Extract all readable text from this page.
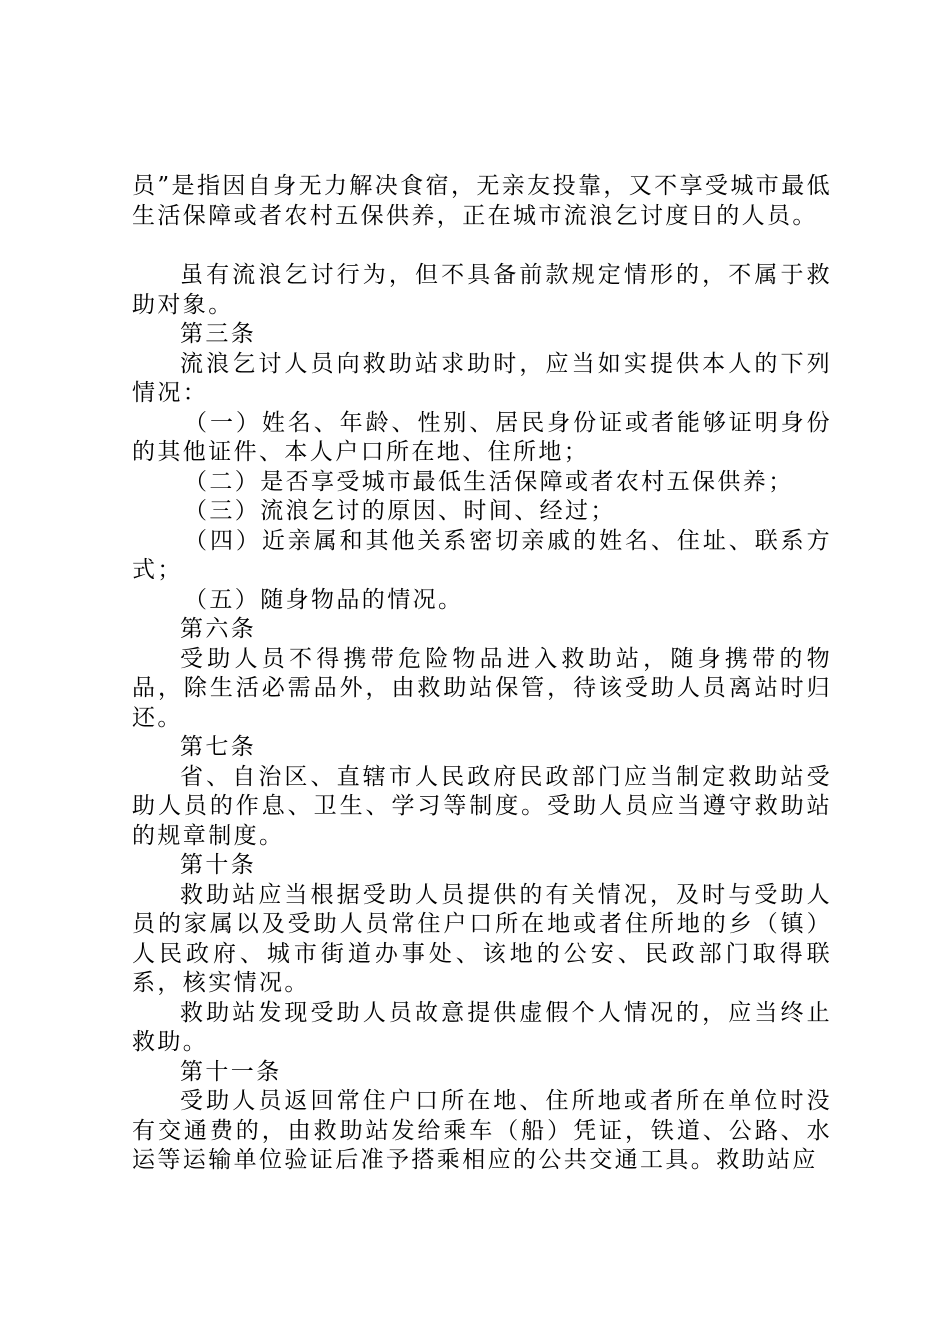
员”是指因自身无力解决食宿，无亲友投靠，又不享受城市最低生活保障或者农村五保供养，正在城市流浪乞讨度日的人员。

虽有流浪乞讨行为，但不具备前款规定情形的，不属于救助对象。

第三条

流浪乞讨人员向救助站求助时，应当如实提供本人的下列情况：

（一）姓名、年龄、性别、居民身份证或者能够证明身份的其他证件、本人户口所在地、住所地；

（二）是否享受城市最低生活保障或者农村五保供养；

（三）流浪乞讨的原因、时间、经过；

（四）近亲属和其他关系密切亲戚的姓名、住址、联系方式；

（五）随身物品的情况。

第六条

受助人员不得携带危险物品进入救助站，随身携带的物品，除生活必需品外，由救助站保管，待该受助人员离站时归还。

第七条

省、自治区、直辖市人民政府民政部门应当制定救助站受助人员的作息、卫生、学习等制度。受助人员应当遵守救助站的规章制度。

第十条

救助站应当根据受助人员提供的有关情况，及时与受助人员的家属以及受助人员常住户口所在地或者住所地的乡（镇）人民政府、城市街道办事处、该地的公安、民政部门取得联系，核实情况。

救助站发现受助人员故意提供虚假个人情况的，应当终止救助。

第十一条

受助人员返回常住户口所在地、住所地或者所在单位时没有交通费的，由救助站发给乘车（船）凭证，铁道、公路、水运等运输单位验证后准予搭乘相应的公共交通工具。救助站应
